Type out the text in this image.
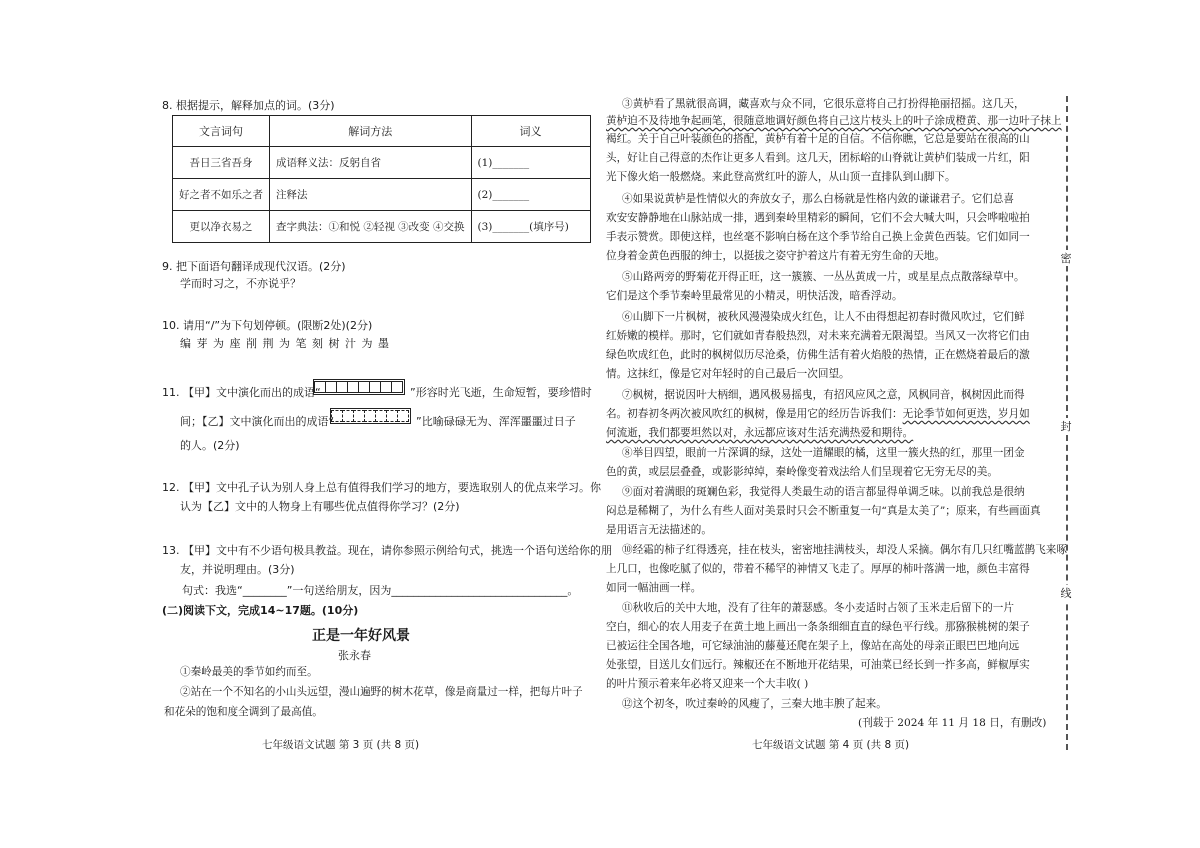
8. 根据提示，解释加点的词。(3分)
文言词句	解词方法	词义
吾日三省吾身	成语释义法：反躬自省	(1)_______
好之者不如乐之者	注释法	(2)_______
更以净衣易之	查字典法：①和悦 ②轻视 ③改变 ④交换	(3)_______(填序号)
9. 把下面语句翻译成现代汉语。(2分)
学而时习之，不亦说乎？
10. 请用“/”为下句划停顿。(限断2处)(2分)
编 芽 为 座 削 荆 为 笔 刻 树 汁 为 墨
11. 【甲】文中演化而出的成语“	”形容时光飞逝，生命短暂，要珍惜时
间；【乙】文中演化而出的成语“	”比喻碌碌无为、浑浑噩噩过日子
的人。(2分)
12. 【甲】文中孔子认为别人身上总有值得我们学习的地方，要选取别人的优点来学习。你
认为【乙】文中的人物身上有哪些优点值得你学习？(2分)
13. 【甲】文中有不少语句极具教益。现在，请你参照示例给句式，挑选一个语句送给你的朋
友，并说明理由。(3分)
句式：我选“________”一句送给朋友，因为________________________________。
(二)阅读下文，完成14~17题。(10分)
正是一年好风景
张永春
①秦岭最美的季节如约而至。
②站在一个不知名的小山头远望，漫山遍野的树木花草，像是商量过一样，把每片叶子
和花朵的饱和度全调到了最高值。
七年级语文试题 第 3 页 (共 8 页)
③黄栌看了黑就很高调，藏喜欢与众不同，它很乐意将自己打扮得艳丽招摇。这几天，
黄栌迫不及待地争起画笔，很随意地调好颜色将自己这片枝头上的叶子涂成橙黄、那一边叶子抹上
褐红。关于自己叶装颜色的搭配，黄栌有着十足的自信。不信你瞧，它总是要站在很高的山
头，好让自己得意的杰作让更多人看到。这几天，团标峪的山脊就让黄栌们装成一片红，阳
光下像火焰一般燃烧。来此登高赏红叶的游人，从山顶一直排队到山脚下。
④如果说黄栌是性情似火的奔放女子，那么白杨就是性格内敛的谦谦君子。它们总喜
欢安安静静地在山脉站成一排，遇到秦岭里精彩的瞬间，它们不会大喊大叫，只会哗啦啦拍
手表示赞赏。即使这样，也丝毫不影响白杨在这个季节给自己换上金黄色西装。它们如同一
位身着金黄色西服的绅士，以挺拔之姿守护着这片有着无穷生命的天地。
⑤山路两旁的野菊花开得正旺，这一簇簇、一丛丛黄成一片，或星星点点散落绿草中。
它们是这个季节秦岭里最常见的小精灵，明快活泼，暗香浮动。
⑥山脚下一片枫树，被秋风漫漫染成火红色，让人不由得想起初春时微风吹过，它们鲜
红娇嫩的模样。那时，它们就如青春般热烈，对未来充满着无限渴望。当风又一次将它们由
绿色吹成红色，此时的枫树似历尽沧桑，仿佛生活有着火焰般的热情，正在燃烧着最后的激
情。这抹红，像是它对年轻时的自己最后一次回望。
⑦枫树，据说因叶大柄细，遇风极易摇曳，有招风应风之意，风枫同音，枫树因此而得
名。初春初冬两次被风吹红的枫树，像是用它的经历告诉我们：无论季节如何更迭，岁月如
何流逝，我们都要坦然以对，永远都应该对生活充满热爱和期待。
⑧举目四望，眼前一片深调的绿，这处一道耀眼的橘，这里一簇火热的红，那里一团金
色的黄，或层层叠叠，或影影绰绰，秦岭像变着戏法给人们呈现着它无穷无尽的美。
⑨面对着满眼的斑斓色彩，我觉得人类最生动的语言都显得单调乏味。以前我总是很纳
闷总是稀糊了，为什么有些人面对美景时只会不断重复一句“真是太美了”；原来，有些画面真
是用语言无法描述的。
⑩经霜的柿子红得透亮，挂在枝头，密密地挂满枝头，却没人采摘。偶尔有几只红嘴蓝鹊飞来啄
上几口，也像吃腻了似的，带着不稀罕的神情又飞走了。厚厚的柿叶落满一地，颜色丰富得
如同一幅油画一样。
⑪秋收后的关中大地，没有了往年的萧瑟感。冬小麦适时占领了玉米走后留下的一片
空白，细心的农人用麦子在黄土地上画出一条条细细直直的绿色平行线。那猕猴桃树的架子
已被运往全国各地，可它绿油油的藤蔓还爬在架子上，像站在高处的母亲正眼巴巴地向远
处张望，目送儿女们远行。辣椒还在不断地开花结果，可油菜已经长到一拃多高，鲜椒厚实
的叶片预示着来年必将又迎来一个大丰收( )
⑫这个初冬，吹过秦岭的风瘦了，三秦大地丰腴了起来。
(刊载于 2024 年 11 月 18 日，有删改)
七年级语文试题 第 4 页 (共 8 页)
密
封
线
